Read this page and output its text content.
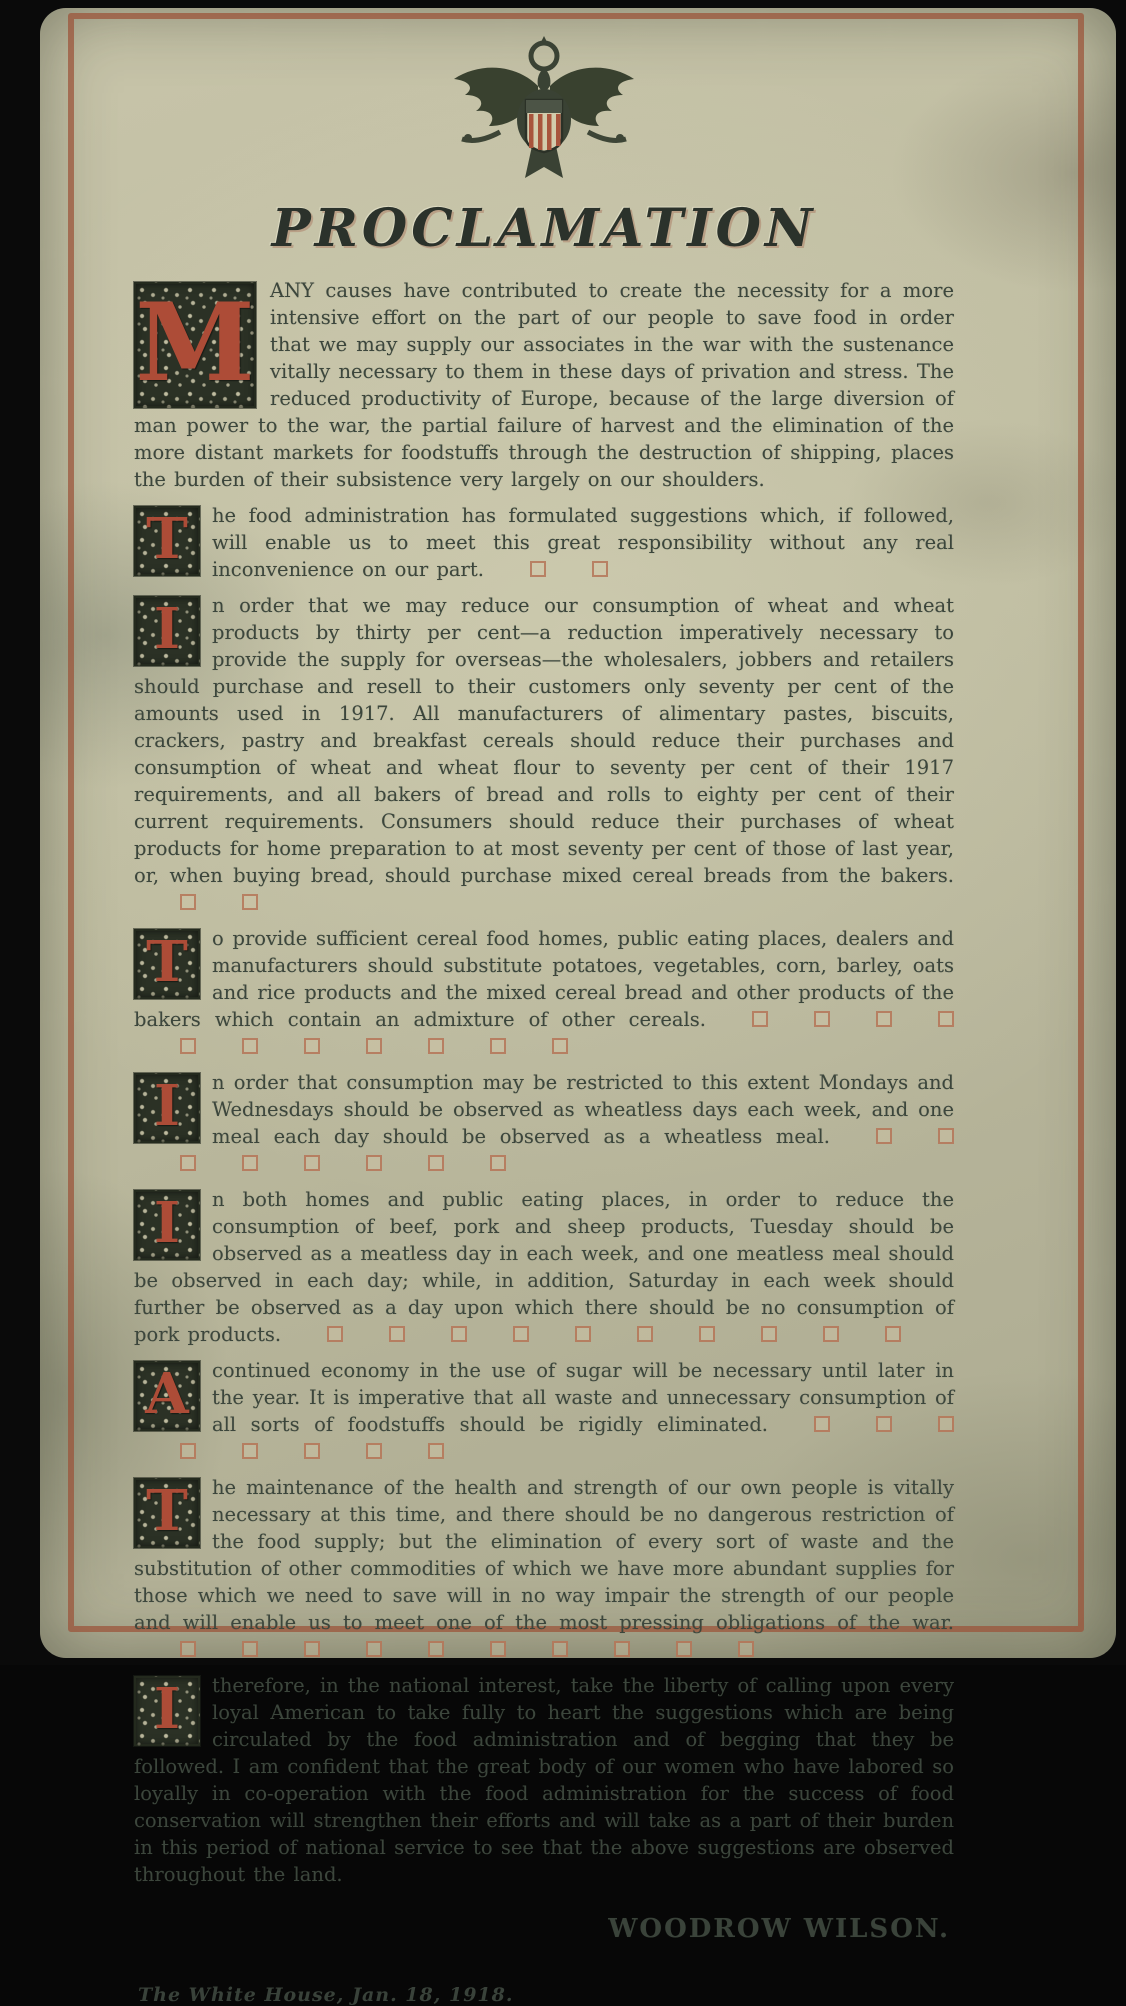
PROCLAMATION
M ANY causes have contributed to create the necessity for a more intensive effort on the part of our people to save food in order that we may supply our associates in the war with the sustenance vitally necessary to them in these days of privation and stress. The reduced productivity of Europe, because of the large diversion of man power to the war, the partial failure of harvest and the elimination of the more distant markets for foodstuffs through the destruction of shipping, places the burden of their subsistence very largely on our shoulders.
T he food administration has formulated suggestions which, if followed, will enable us to meet this great responsibility without any real inconvenience on our part.
I n order that we may reduce our consumption of wheat and wheat products by thirty per cent—a reduction imperatively necessary to provide the supply for overseas—the wholesalers, jobbers and retailers should purchase and resell to their customers only seventy per cent of the amounts used in 1917. All manufacturers of alimentary pastes, biscuits, crackers, pastry and breakfast cereals should reduce their purchases and consumption of wheat and wheat flour to seventy per cent of their 1917 requirements, and all bakers of bread and rolls to eighty per cent of their current requirements. Consumers should reduce their purchases of wheat products for home preparation to at most seventy per cent of those of last year, or, when buying bread, should purchase mixed cereal breads from the bakers.
T o provide sufficient cereal food homes, public eating places, dealers and manufacturers should substitute potatoes, vegetables, corn, barley, oats and rice products and the mixed cereal bread and other products of the bakers which contain an admixture of other cereals.
I n order that consumption may be restricted to this extent Mondays and Wednesdays should be observed as wheatless days each week, and one meal each day should be observed as a wheatless meal.
I n both homes and public eating places, in order to reduce the consumption of beef, pork and sheep products, Tuesday should be observed as a meatless day in each week, and one meatless meal should be observed in each day; while, in addition, Saturday in each week should further be observed as a day upon which there should be no consumption of pork products.
A continued economy in the use of sugar will be necessary until later in the year. It is imperative that all waste and unnecessary consumption of all sorts of foodstuffs should be rigidly eliminated.
T he maintenance of the health and strength of our own people is vitally necessary at this time, and there should be no dangerous restriction of the food supply; but the elimination of every sort of waste and the substitution of other commodities of which we have more abundant supplies for those which we need to save will in no way impair the strength of our people and will enable us to meet one of the most pressing obligations of the war.
I therefore, in the national interest, take the liberty of calling upon every loyal American to take fully to heart the suggestions which are being circulated by the food administration and of begging that they be followed. I am confident that the great body of our women who have labored so loyally in co-operation with the food administration for the success of food conservation will strengthen their efforts and will take as a part of their burden in this period of national service to see that the above suggestions are observed throughout the land.
WOODROW WILSON.
The White House, Jan. 18, 1918.
